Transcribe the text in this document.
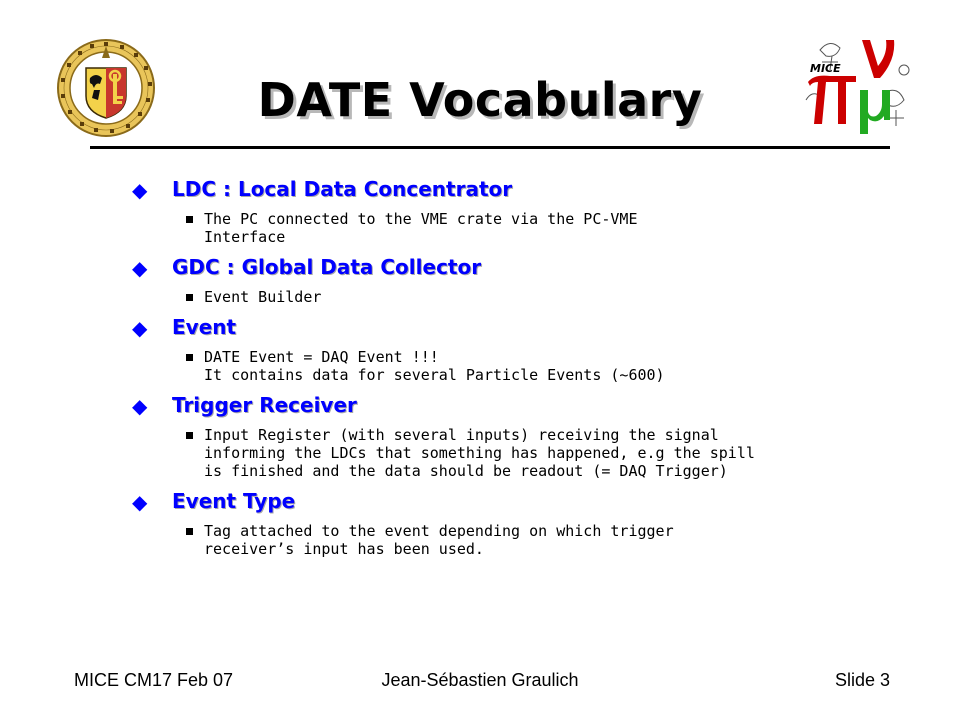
MICE
DATE Vocabulary
◆ LDC : Local Data Concentrator
The PC connected to the VME crate via the PC-VME
Interface
◆ GDC : Global Data Collector
Event Builder
◆ Event
DATE Event = DAQ Event !!!
It contains data for several Particle Events (~600)
◆ Trigger Receiver
Input Register (with several inputs) receiving the signal
informing the LDCs that something has happened, e.g the spill
is finished and the data should be readout (= DAQ Trigger)
◆ Event Type
Tag attached to the event depending on which trigger
receiver’s input has been used.
MICE CM17 Feb 07	Jean-Sébastien Graulich	Slide 3
